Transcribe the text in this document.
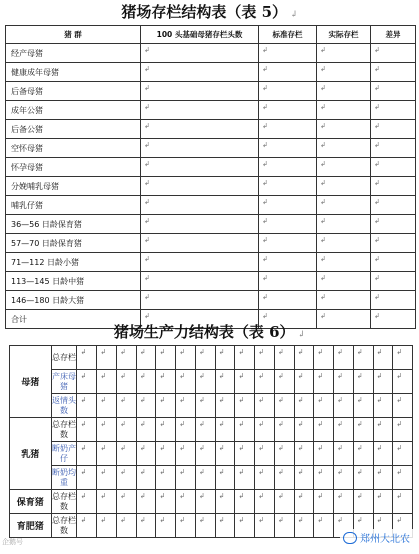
猪场存栏结构表（表 5） ↲
猪 群	100 头基础母猪存栏头数	标准存栏	实际存栏	差异
经产母猪	↲	↲	↲	↲

健康成年母猪	↲	↲	↲	↲

后备母猪	↲	↲	↲	↲

成年公猪	↲	↲	↲	↲

后备公猪	↲	↲	↲	↲

空怀母猪	↲	↲	↲	↲

怀孕母猪	↲	↲	↲	↲

分娩哺乳母猪	↲	↲	↲	↲

哺乳仔猪	↲	↲	↲	↲

36—56 日龄保育猪	↲	↲	↲	↲

57—70 日龄保育猪	↲	↲	↲	↲

71—112 日龄小猪	↲	↲	↲	↲

113—145 日龄中猪	↲	↲	↲	↲

146—180 日龄大猪	↲	↲	↲	↲

合计	↲	↲	↲	↲
猪场生产力结构表（表 6） ↲
母猪	总存栏	↲	↲	↲	↲	↲	↲	↲	↲	↲	↲	↲	↲	↲	↲	↲	↲	↲

	产床母猪	↲	↲	↲	↲	↲	↲	↲	↲	↲	↲	↲	↲	↲	↲	↲	↲	↲

	返情头数	↲	↲	↲	↲	↲	↲	↲	↲	↲	↲	↲	↲	↲	↲	↲	↲	↲

乳猪	总存栏数	↲	↲	↲	↲	↲	↲	↲	↲	↲	↲	↲	↲	↲	↲	↲	↲	↲

	断奶产仔	↲	↲	↲	↲	↲	↲	↲	↲	↲	↲	↲	↲	↲	↲	↲	↲	↲

	断奶均重	↲	↲	↲	↲	↲	↲	↲	↲	↲	↲	↲	↲	↲	↲	↲	↲	↲

保育猪	总存栏数	↲	↲	↲	↲	↲	↲	↲	↲	↲	↲	↲	↲	↲	↲	↲	↲	↲

育肥猪	总存栏数	↲	↲	↲	↲	↲	↲	↲	↲	↲	↲	↲	↲	↲	↲	↲	↲	↲
企鹅号	郑州大北农
